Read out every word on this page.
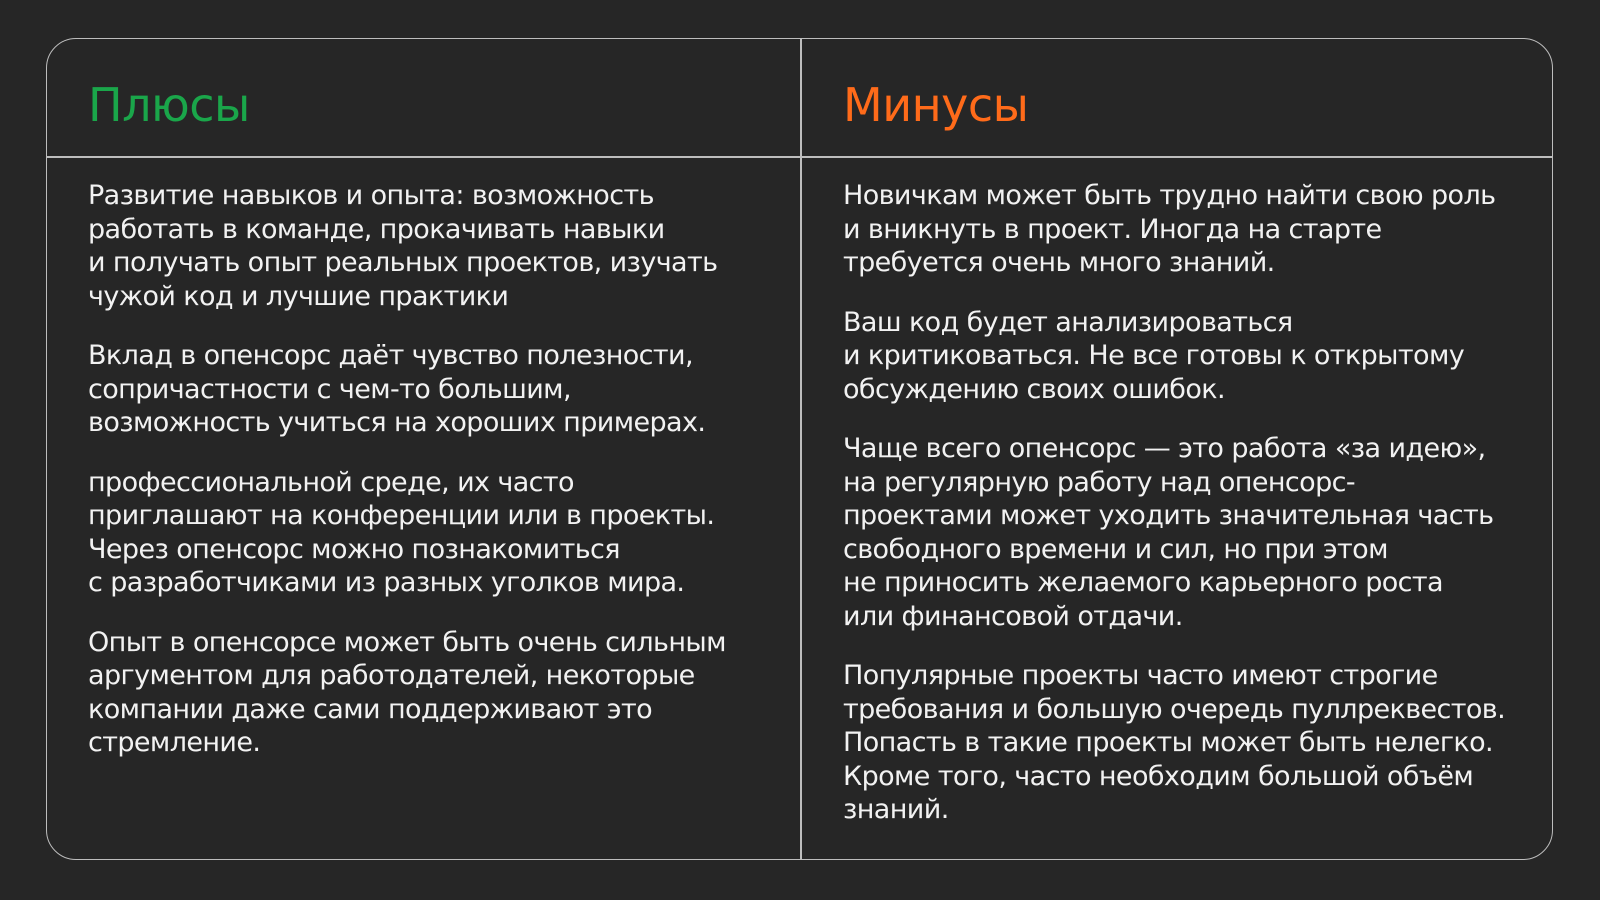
Плюсы

Развитие навыков и опыта: возможность
работать в команде, прокачивать навыки
и получать опыт реальных проектов, изучать
чужой код и лучшие практики

Вклад в опенсорс даёт чувство полезности,
сопричастности с чем-то большим,
возможность учиться на хороших примерах.

профессиональной среде, их часто
приглашают на конференции или в проекты.
Через опенсорс можно познакомиться
с разработчиками из разных уголков мира.

Опыт в опенсорсе может быть очень сильным
аргументом для работодателей, некоторые
компании даже сами поддерживают это
стремление.

Минусы

Новичкам может быть трудно найти свою роль
и вникнуть в проект. Иногда на старте
требуется очень много знаний.

Ваш код будет анализироваться
и критиковаться. Не все готовы к открытому
обсуждению своих ошибок.

Чаще всего опенсорс — это работа «за идею»,
на регулярную работу над опенсорс-
проектами может уходить значительная часть
свободного времени и сил, но при этом
не приносить желаемого карьерного роста
или финансовой отдачи.

Популярные проекты часто имеют строгие
требования и большую очередь пуллреквестов.
Попасть в такие проекты может быть нелегко.
Кроме того, часто необходим большой объём
знаний.
